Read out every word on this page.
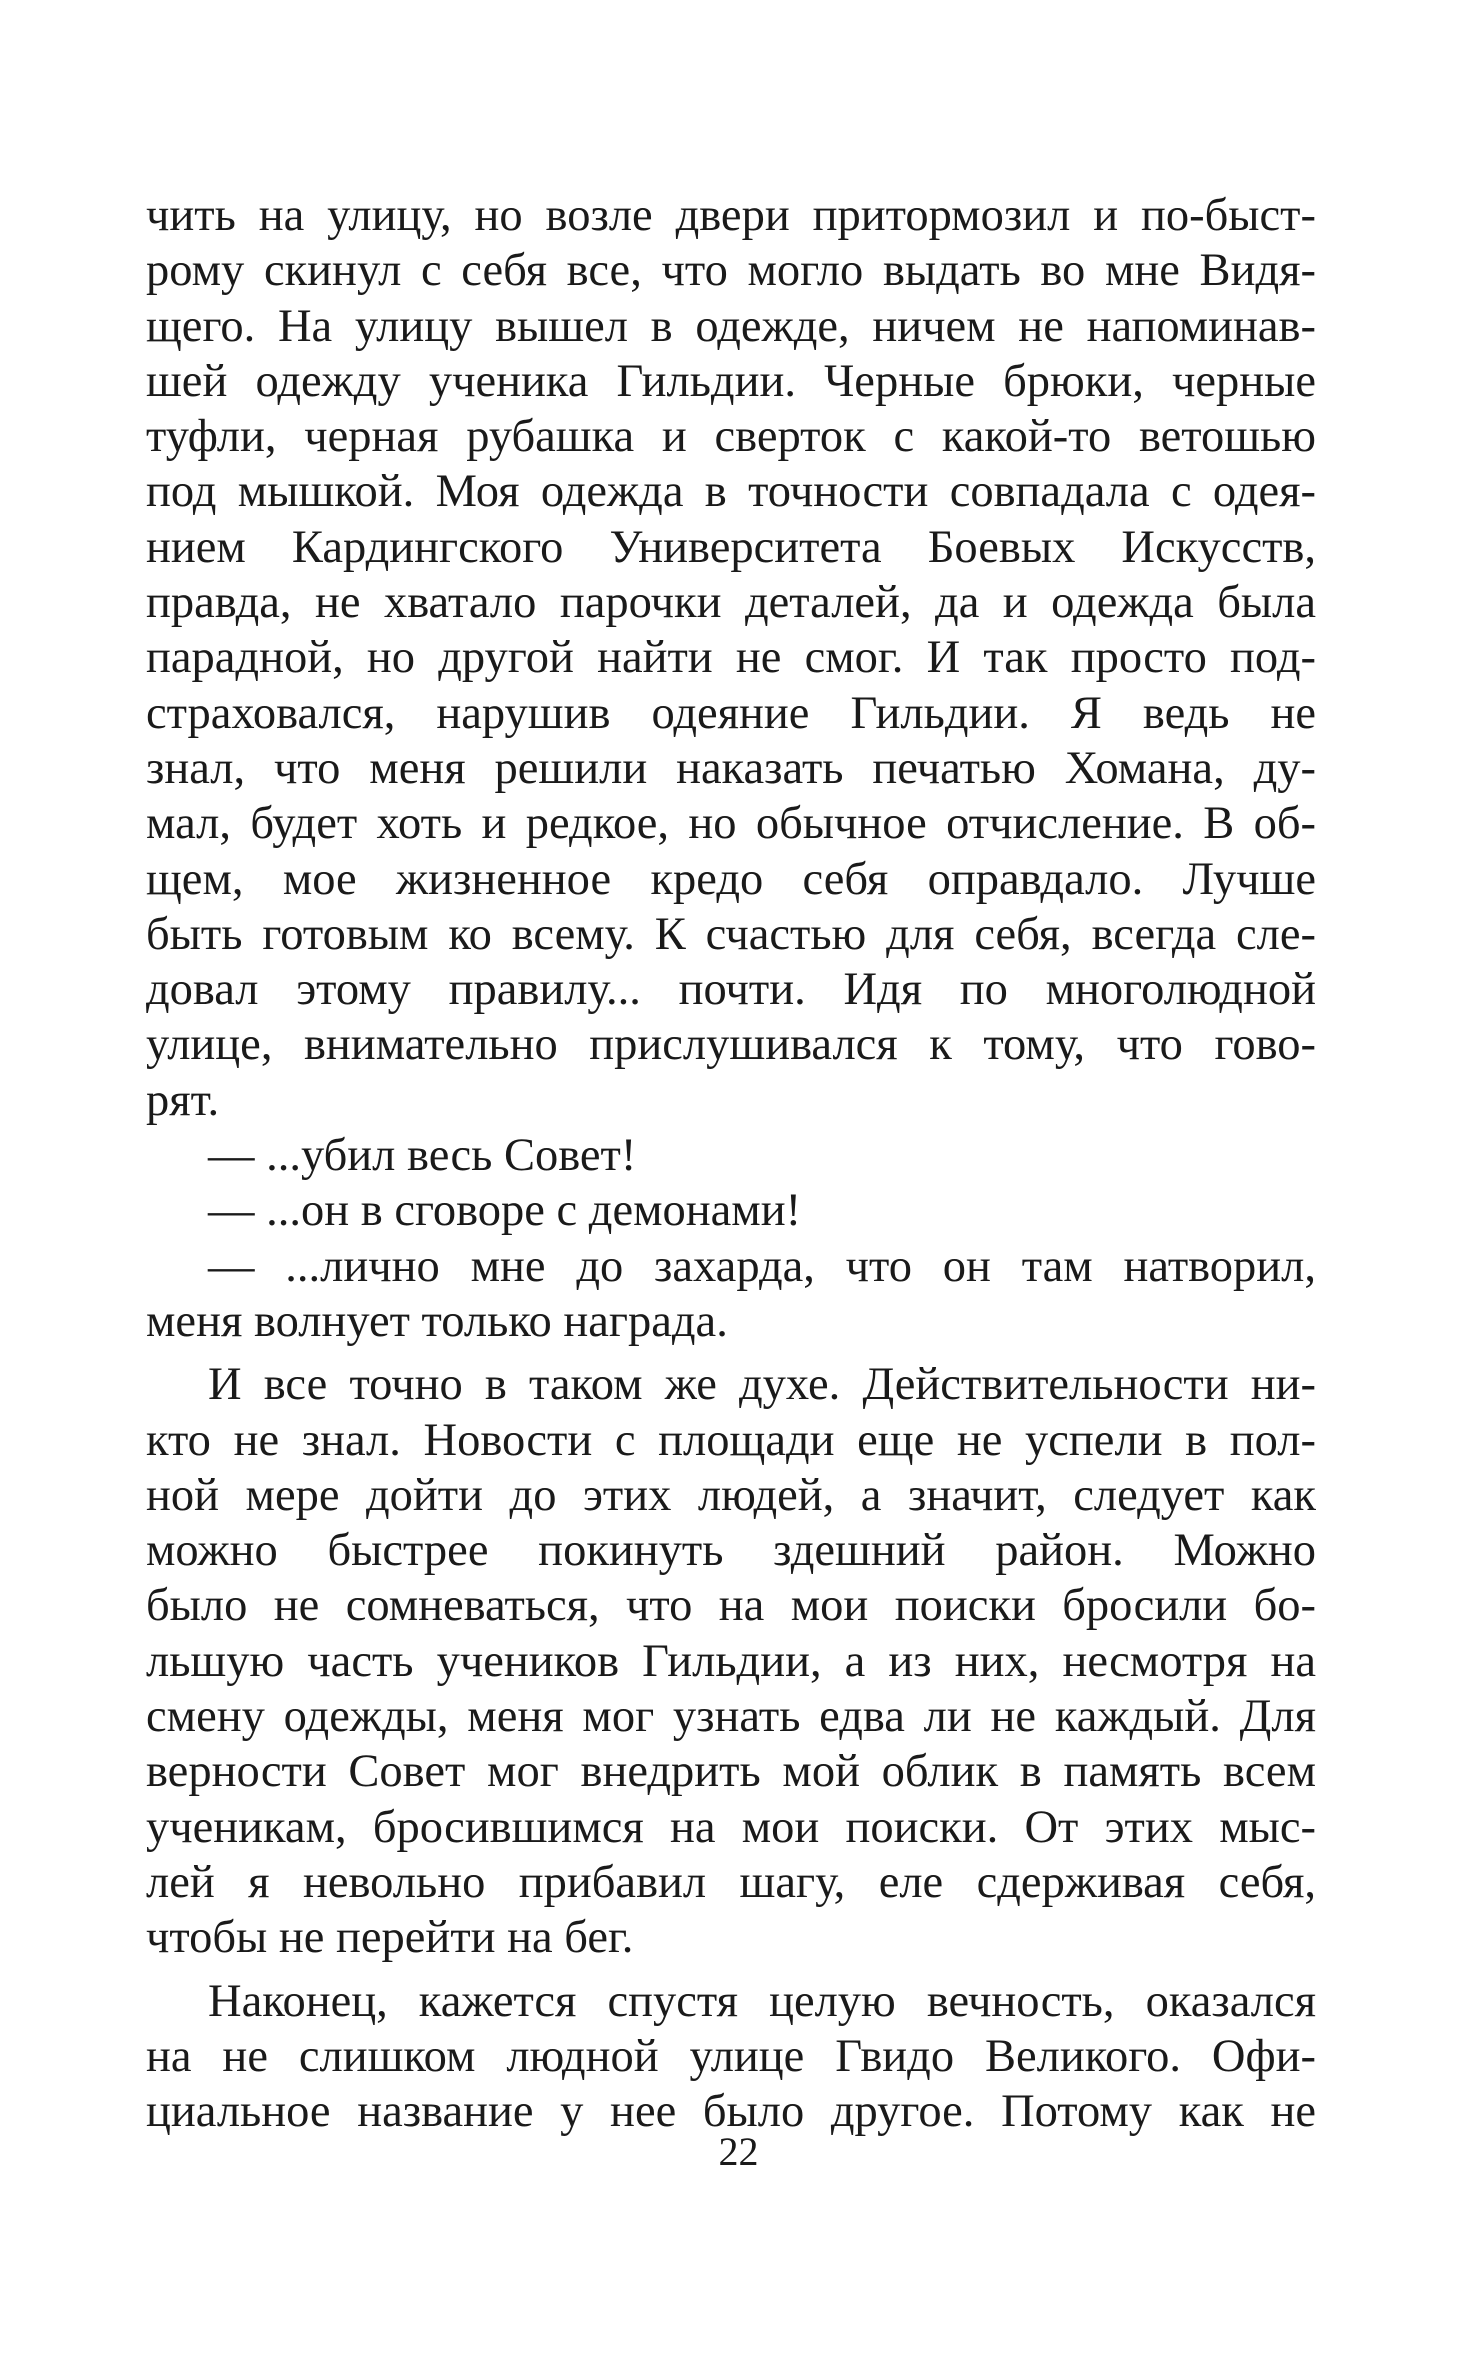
чить на улицу, но возле двери притормозил и по-быст-
рому скинул с себя все, что могло выдать во мне Видя-
щего. На улицу вышел в одежде, ничем не напоминав-
шей одежду ученика Гильдии. Черные брюки, черные
туфли, черная рубашка и сверток с какой-то ветошью
под мышкой. Моя одежда в точности совпадала с одея-
нием Кардингского Университета Боевых Искусств,
правда, не хватало парочки деталей, да и одежда была
парадной, но другой найти не смог. И так просто под-
страховался, нарушив одеяние Гильдии. Я ведь не
знал, что меня решили наказать печатью Хомана, ду-
мал, будет хоть и редкое, но обычное отчисление. В об-
щем, мое жизненное кредо себя оправдало. Лучше
быть готовым ко всему. К счастью для себя, всегда сле-
довал этому правилу... почти. Идя по многолюдной
улице, внимательно прислушивался к тому, что гово-
рят.
— ...убил весь Совет!
— ...он в сговоре с демонами!
— ...лично мне до захарда, что он там натворил,
меня волнует только награда.
И все точно в таком же духе. Действительности ни-
кто не знал. Новости с площади еще не успели в пол-
ной мере дойти до этих людей, а значит, следует как
можно быстрее покинуть здешний район. Можно
было не сомневаться, что на мои поиски бросили бо-
льшую часть учеников Гильдии, а из них, несмотря на
смену одежды, меня мог узнать едва ли не каждый. Для
верности Совет мог внедрить мой облик в память всем
ученикам, бросившимся на мои поиски. От этих мыс-
лей я невольно прибавил шагу, еле сдерживая себя,
чтобы не перейти на бег.
Наконец, кажется спустя целую вечность, оказался
на не слишком людной улице Гвидо Великого. Офи-
циальное название у нее было другое. Потому как не
22
